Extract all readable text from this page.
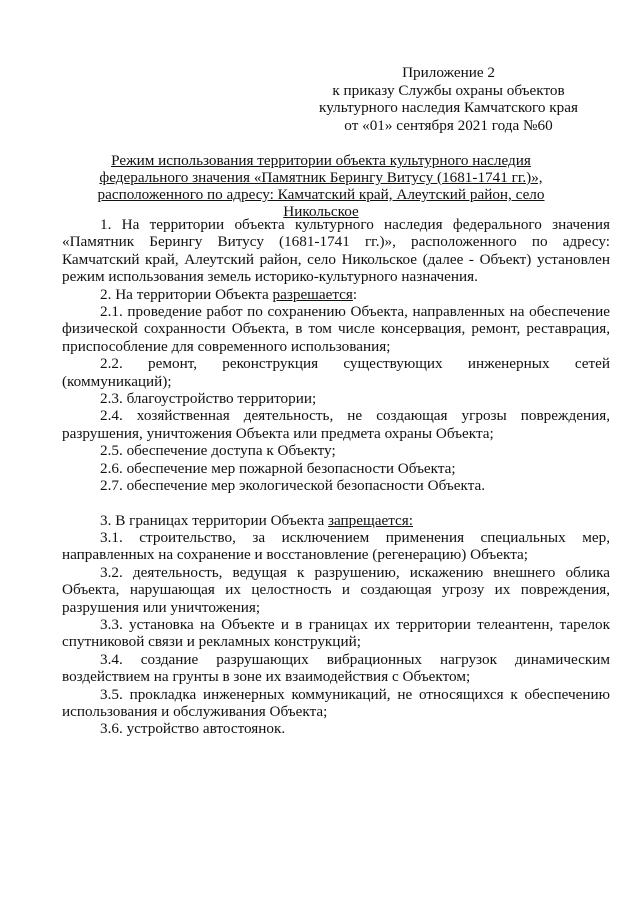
Приложение 2
к приказу Службы охраны объектов
культурного наследия Камчатского края
от «01» сентября 2021 года №60
Режим использования территории объекта культурного наследия федерального значения «Памятник Берингу Витусу (1681-1741 гг.)», расположенного по адресу: Камчатский край, Алеутский район, село Никольское

1. На территории объекта культурного наследия федерального значения «Памятник Берингу Витусу (1681-1741 гг.)», расположенного по адресу: Камчатский край, Алеутский район, село Никольское (далее - Объект) установлен режим использования земель историко-культурного назначения.

2. На территории Объекта разрешается:

2.1. проведение работ по сохранению Объекта, направленных на обеспечение физической сохранности Объекта, в том числе консервация, ремонт, реставрация, приспособление для современного использования;

2.2. ремонт, реконструкция существующих инженерных сетей (коммуникаций);

2.3. благоустройство территории;

2.4. хозяйственная деятельность, не создающая угрозы повреждения, разрушения, уничтожения Объекта или предмета охраны Объекта;

2.5. обеспечение доступа к Объекту;

2.6. обеспечение мер пожарной безопасности Объекта;

2.7. обеспечение мер экологической безопасности Объекта.

3. В границах территории Объекта запрещается:

3.1. строительство, за исключением применения специальных мер, направленных на сохранение и восстановление (регенерацию) Объекта;

3.2. деятельность, ведущая к разрушению, искажению внешнего облика Объекта, нарушающая их целостность и создающая угрозу их повреждения, разрушения или уничтожения;

3.3. установка на Объекте и в границах их территории телеантенн, тарелок спутниковой связи и рекламных конструкций;

3.4. создание разрушающих вибрационных нагрузок динамическим воздействием на грунты в зоне их взаимодействия с Объектом;

3.5. прокладка инженерных коммуникаций, не относящихся к обеспечению использования и обслуживания Объекта;

3.6. устройство автостоянок.
